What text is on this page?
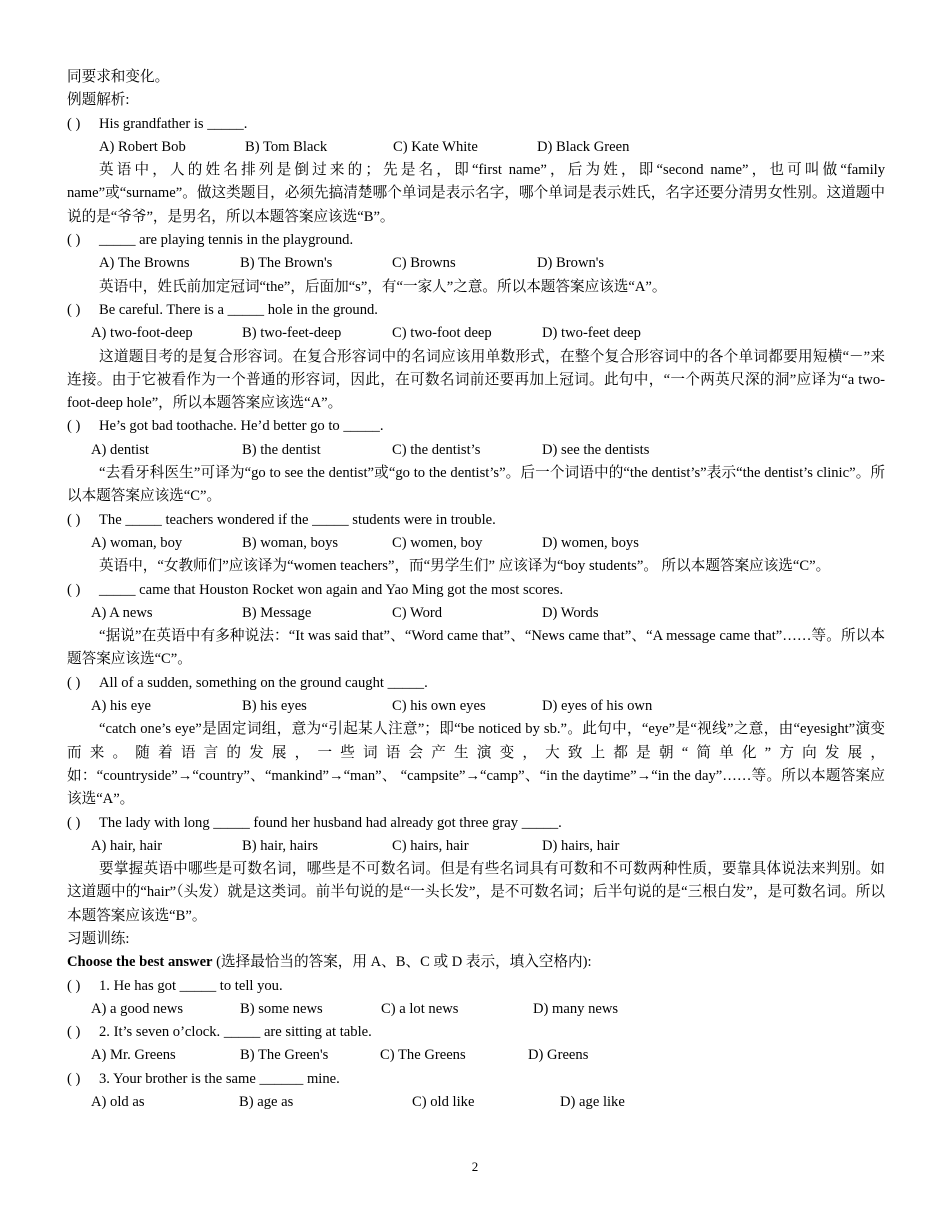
同要求和变化。
例题解析:
( )	His grandfather is _____.
A) Robert Bob	B) Tom Black	C) Kate White	D) Black Green
英语中，人的姓名排列是倒过来的；先是名，即“first name”，后为姓，即“second name”，也可叫做“family name”或“surname”。做这类题目，必须先搞清楚哪个单词是表示名字，哪个单词是表示姓氏，名字还要分清男女性别。这道题中说的是“爷爷”，是男名，所以本题答案应该选“B”。
( )	_____ are playing tennis in the playground.
A) The Browns	B) The Brown's	C) Browns	D) Brown's
英语中，姓氏前加定冠词“the”，后面加“s”，有“一家人”之意。所以本题答案应该选“A”。
( )	Be careful. There is a _____ hole in the ground.
A) two-foot-deep	B) two-feet-deep	C) two-foot deep	D) two-feet deep
这道题目考的是复合形容词。在复合形容词中的名词应该用单数形式，在整个复合形容词中的各个单词都要用短横“－”来连接。由于它被看作为一个普通的形容词，因此，在可数名词前还要再加上冠词。此句中，“一个两英尺深的洞”应译为“a two-foot-deep hole”，所以本题答案应该选“A”。
( )	He’s got bad toothache. He’d better go to _____.
A) dentist	B) the dentist	C) the dentist’s	D) see the dentists
“去看牙科医生”可译为“go to see the dentist”或“go to the dentist’s”。后一个词语中的“the dentist’s”表示“the dentist’s clinic”。所以本题答案应该选“C”。
( )	The _____ teachers wondered if the _____ students were in trouble.
A) woman, boy	B) woman, boys	C) women, boy	D) women, boys
英语中，“女教师们”应该译为“women teachers”，而“男学生们” 应该译为“boy students”。 所以本题答案应该选“C”。
( )	_____ came that Houston Rocket won again and Yao Ming got the most scores.
A) A news	B) Message	C) Word	D) Words
“据说”在英语中有多种说法：“It was said that”、“Word came that”、“News came that”、“A message came that”……等。所以本题答案应该选“C”。
( )	All of a sudden, something on the ground caught _____.
A) his eye	B) his eyes	C) his own eyes	D) eyes of his own
“catch one’s eye”是固定词组，意为“引起某人注意”；即“be noticed by sb.”。此句中，“eye”是“视线”之意，由“eyesight”演变而来。随着语言的发展，一些词语会产生演变，大致上都是朝“简单化”方向发展，如：“countryside”→“country”、“mankind”→“man”、 “campsite”→“camp”、“in the daytime”→“in the day”……等。所以本题答案应该选“A”。
( )	The lady with long _____ found her husband had already got three gray _____.
A) hair, hair	B) hair, hairs	C) hairs, hair	D) hairs, hair
要掌握英语中哪些是可数名词，哪些是不可数名词。但是有些名词具有可数和不可数两种性质，要靠具体说法来判别。如这道题中的“hair”（头发）就是这类词。前半句说的是“一头长发”，是不可数名词；后半句说的是“三根白发”，是可数名词。所以本题答案应该选“B”。
习题训练:
Choose the best answer (选择最恰当的答案，用 A、B、C 或 D 表示，填入空格内):
( )	1. He has got _____ to tell you.
A) a good news	B) some news	C) a lot news	D) many news
( )	2. It’s seven o’clock. _____ are sitting at table.
A) Mr. Greens	B) The Green's	C) The Greens	D) Greens
( )	3. Your brother is the same ______ mine.
A) old as	B) age as	C) old like	D) age like
2
